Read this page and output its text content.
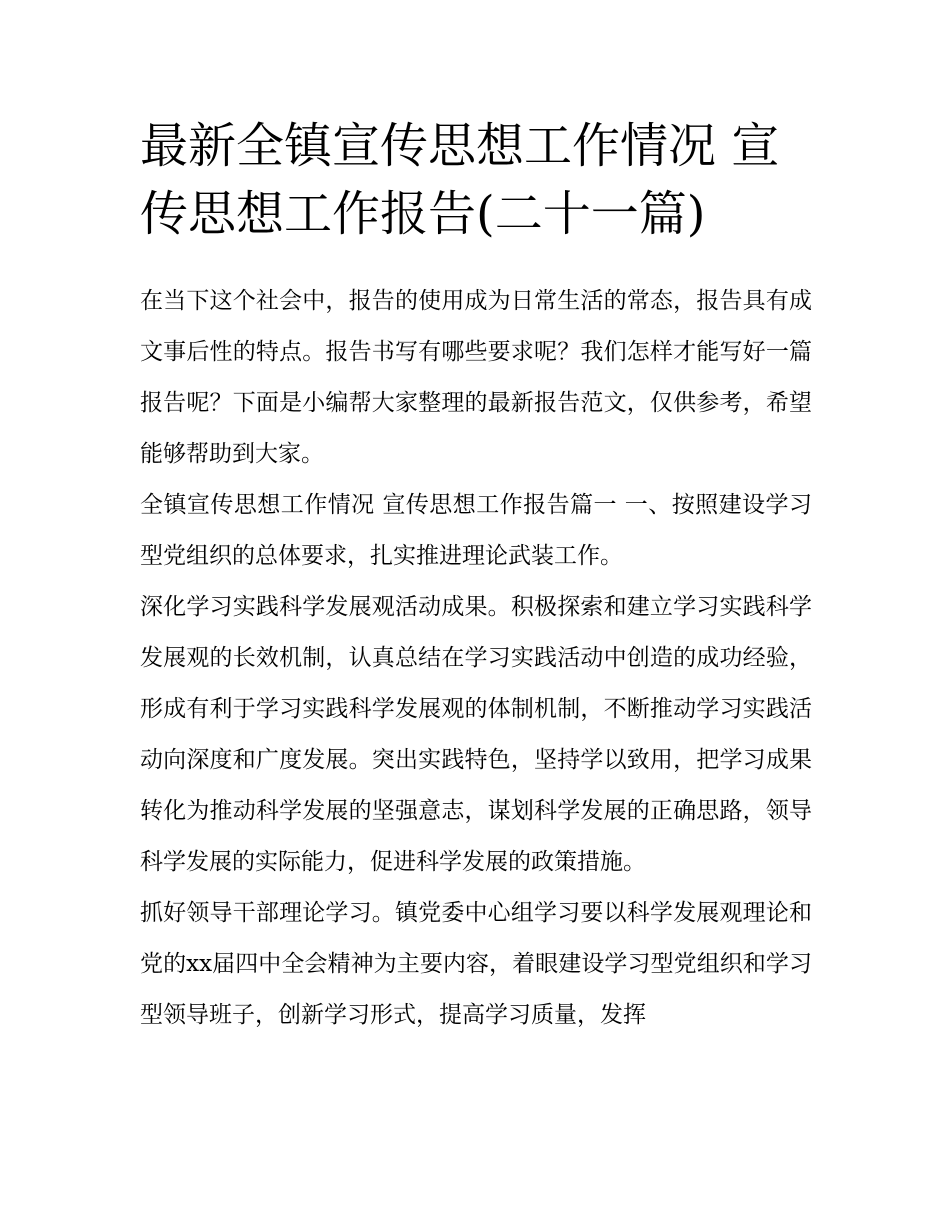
最新全镇宣传思想工作情况 宣传思想工作报告(二十一篇)

在当下这个社会中，报告的使用成为日常生活的常态，报告具有成文事后性的特点。报告书写有哪些要求呢？我们怎样才能写好一篇报告呢？下面是小编帮大家整理的最新报告范文，仅供参考，希望能够帮助到大家。

全镇宣传思想工作情况 宣传思想工作报告篇一 一、按照建设学习型党组织的总体要求，扎实推进理论武装工作。

深化学习实践科学发展观活动成果。积极探索和建立学习实践科学发展观的长效机制，认真总结在学习实践活动中创造的成功经验，形成有利于学习实践科学发展观的体制机制，不断推动学习实践活动向深度和广度发展。突出实践特色，坚持学以致用，把学习成果转化为推动科学发展的坚强意志，谋划科学发展的正确思路，领导科学发展的实际能力，促进科学发展的政策措施。

抓好领导干部理论学习。镇党委中心组学习要以科学发展观理论和党的xx届四中全会精神为主要内容，着眼建设学习型党组织和学习型领导班子，创新学习形式，提高学习质量，发挥
